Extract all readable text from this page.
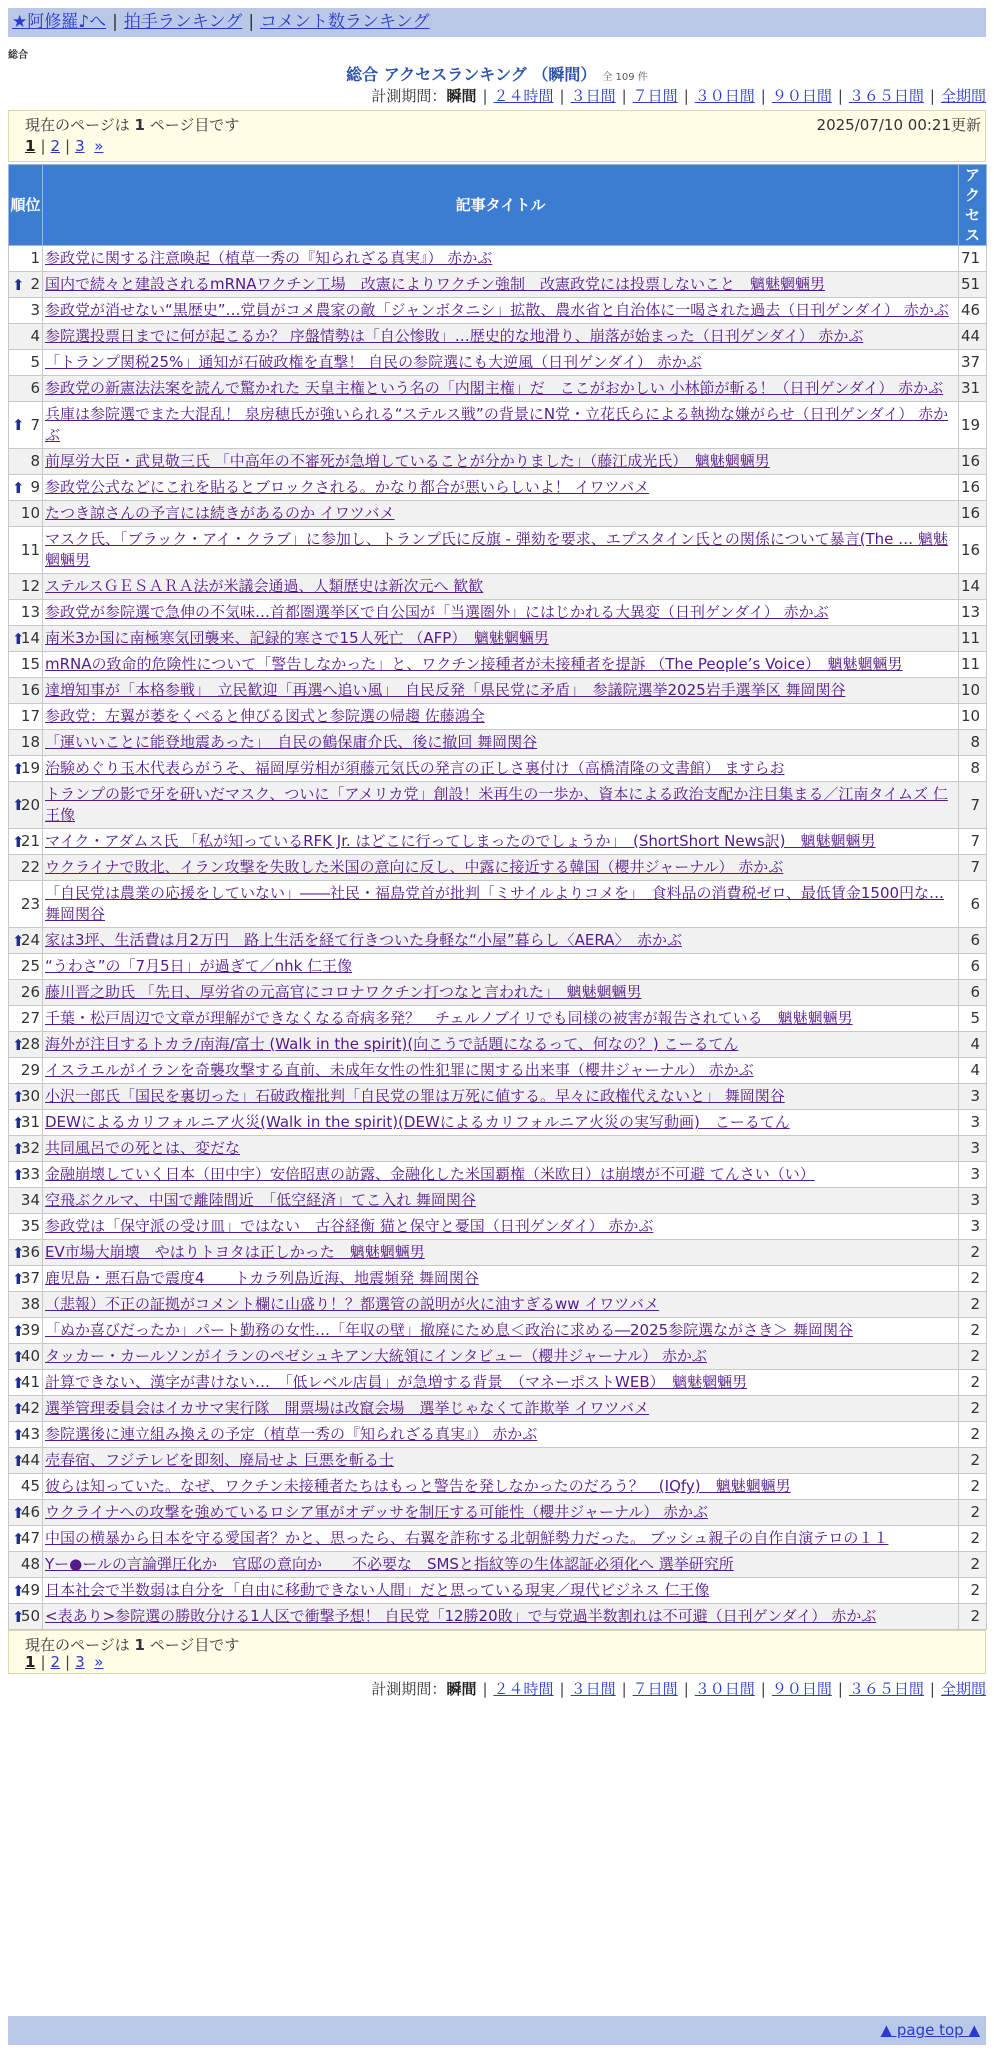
★阿修羅♪へ | 拍手ランキング | コメント数ランキング
総合
総合 アクセスランキング （瞬間） 全 109 件
計測期間：瞬間 | ２４時間 | ３日間 | ７日間 | ３０日間 | ９０日間 | ３６５日間 | 全期間
現在のページは 1 ページ目です	2025/07/10 00:21更新
1 | 2 | 3 »
順位	記事タイトル	アクセス
1	参政党に関する注意喚起（植草一秀の『知られざる真実』） 赤かぶ	71

⬆ 2	国内で続々と建設されるmRNAワクチン工場　改憲によりワクチン強制　改憲政党には投票しないこと　魑魅魍魎男	51
3	参政党が消せない“黒歴史”…党員がコメ農家の敵「ジャンボタニシ」拡散、農水省と自治体に一喝された過去（日刊ゲンダイ） 赤かぶ	46
4	参院選投票日までに何が起こるか？ 序盤情勢は「自公惨敗」…歴史的な地滑り、崩落が始まった（日刊ゲンダイ） 赤かぶ	44
5	「トランプ関税25%」通知が石破政権を直撃！ 自民の参院選にも大逆風（日刊ゲンダイ） 赤かぶ	37
6	参政党の新憲法法案を読んで驚かれた 天皇主権という名の「内閣主権」だ　ここがおかしい 小林節が斬る！（日刊ゲンダイ） 赤かぶ	31

⬆ 7	兵庫は参院選でまた大混乱！ 泉房穂氏が強いられる“ステルス戦”の背景にN党・立花氏らによる執拗な嫌がらせ（日刊ゲンダイ） 赤かぶ	19
8	前厚労大臣・武見敬三氏 「中高年の不審死が急増していることが分かりました」（藤江成光氏）　魑魅魍魎男	16

⬆ 9	参政党公式などにこれを貼るとブロックされる。かなり都合が悪いらしいよ！ イワツバメ	16
10	たつき諒さんの予言には続きがあるのか イワツバメ	16
11	マスク氏、「ブラック・アイ・クラブ」に参加し、トランプ氏に反旗 - 弾劾を要求、エプスタイン氏との関係について暴言(The … 魑魅魍魎男	16
12	ステルスＧＥＳＡＲＡ法が米議会通過、人類歴史は新次元へ 歓歓	14
13	参政党が参院選で急伸の不気味…首都圏選挙区で自公国が「当選圏外」にはじかれる大異変（日刊ゲンダイ） 赤かぶ	13

⬆
14	南米3か国に南極寒気団襲来、記録的寒さで15人死亡 （AFP）　魑魅魍魎男	11
15	mRNAの致命的危険性について「警告しなかった」と、ワクチン接種者が未接種者を提訴 （The People’s Voice）　魑魅魍魎男	11
16	達増知事が「本格参戦」　立民歓迎「再選へ追い風」　自民反発「県民党に矛盾」　参議院選挙2025岩手選挙区 舞岡関谷	10
17	参政党：左翼が萎をくべると伸びる図式と参院選の帰趨 佐藤鴻全	10
18	「運いいことに能登地震あった」　自民の鶴保庸介氏、後に撤回 舞岡関谷	8

⬆
19	治験めぐり玉木代表らがうそ、福岡厚労相が須藤元気氏の発言の正しさ裏付け（高橋清隆の文書館） ますらお	8

⬆
20	トランプの影で牙を研いだマスク、ついに「アメリカ党」創設！米再生の一歩か、資本による政治支配か注目集まる／江南タイムズ 仁王像	7

⬆
21	マイク・アダムス氏 「私が知っているRFK Jr. はどこに行ってしまったのでしょうか」　(ShortShort News訳)　魑魅魍魎男	7
22	ウクライナで敗北、イラン攻撃を失敗した米国の意向に反し、中露に接近する韓国（櫻井ジャーナル） 赤かぶ	7
23	「自民党は農業の応援をしていない」――社民・福島党首が批判「ミサイルよりコメを」　食料品の消費税ゼロ、最低賃金1500円な… 舞岡関谷	6

⬆
24	家は3坪、生活費は月2万円　路上生活を経て行きついた身軽な“小屋”暮らし〈AERA〉　赤かぶ	6
25	“うわさ”の「7月5日」が過ぎて／nhk 仁王像	6
26	藤川晋之助氏 「先日、厚労省の元高官にコロナワクチン打つなと言われた」　魑魅魍魎男	6
27	千葉・松戸周辺で文章が理解ができなくなる奇病多発？　チェルノブイリでも同様の被害が報告されている　魑魅魍魎男	5

⬆
28	海外が注目するトカラ/南海/富士 (Walk in the spirit)(向こうで話題になるって、何なの？) こーるてん	4
29	イスラエルがイランを奇襲攻撃する直前、未成年女性の性犯罪に関する出来事（櫻井ジャーナル） 赤かぶ	4

⬆
30	小沢一郎氏「国民を裏切った」石破政権批判「自民党の罪は万死に値する。早々に政権代えないと」 舞岡関谷	3

⬆
31	DEWによるカリフォルニア火災(Walk in the spirit)(DEWによるカリフォルニア火災の実写動画)　こーるてん	3

⬆
32	共同風呂での死とは、変だな	3

⬆
33	金融崩壊していく日本（田中宇）安倍昭恵の訪露、金融化した米国覇権（米欧日）は崩壊が不可避 てんさい（い）	3
34	空飛ぶクルマ、中国で離陸間近　「低空経済」てこ入れ 舞岡関谷	3
35	参政党は「保守派の受け皿」ではない　古谷経衡 猫と保守と憂国（日刊ゲンダイ） 赤かぶ	3

⬆
36	EV市場大崩壊　やはりトヨタは正しかった　魑魅魍魎男	2

⬆
37	鹿児島・悪石島で震度4　　トカラ列島近海、地震頻発 舞岡関谷	2
38	（悲報）不正の証拠がコメント欄に山盛り！？都選管の説明が火に油すぎるww イワツバメ	2

⬆
39	「ぬか喜びだったか」パート勤務の女性…「年収の壁」撤廃にため息＜政治に求める―2025参院選ながさき＞ 舞岡関谷	2

⬆
40	タッカー・カールソンがイランのペゼシュキアン大統領にインタビュー（櫻井ジャーナル） 赤かぶ	2

⬆
41	計算できない、漢字が書けない…　「低レベル店員」が急増する背景　（マネーポストWEB）　魑魅魍魎男	2

⬆
42	選挙管理委員会はイカサマ実行隊　開票場は改竄会場　選挙じゃなくて詐欺挙 イワツバメ	2

⬆
43	参院選後に連立組み換えの予定（植草一秀の『知られざる真実』） 赤かぶ	2

⬆
44	売春宿、フジテレビを即刻、廃局せよ 巨悪を斬る士	2
45	彼らは知っていた。なぜ、ワクチン未接種者たちはもっと警告を発しなかったのだろう？　(IQfy)　魑魅魍魎男	2

⬆
46	ウクライナへの攻撃を強めているロシア軍がオデッサを制圧する可能性（櫻井ジャーナル） 赤かぶ	2

⬆
47	中国の横暴から日本を守る愛国者？かと、思ったら、右翼を詐称する北朝鮮勢力だった。 ブッシュ親子の自作自演テロの１１	2
48	Yー●ールの言論弾圧化か　官邸の意向か　　不必要な　SMSと指紋等の生体認証必須化へ 選挙研究所	2

⬆
49	日本社会で半数弱は自分を「自由に移動できない人間」だと思っている現実／現代ビジネス 仁王像	2

⬆
50	<表あり>参院選の勝敗分ける1人区で衝撃予想！ 自民党「12勝20敗」で与党過半数割れは不可避（日刊ゲンダイ） 赤かぶ	2
現在のページは 1 ページ目です
1 | 2 | 3 »
計測期間：瞬間 | ２４時間 | ３日間 | ７日間 | ３０日間 | ９０日間 | ３６５日間 | 全期間
▲ page top ▲
